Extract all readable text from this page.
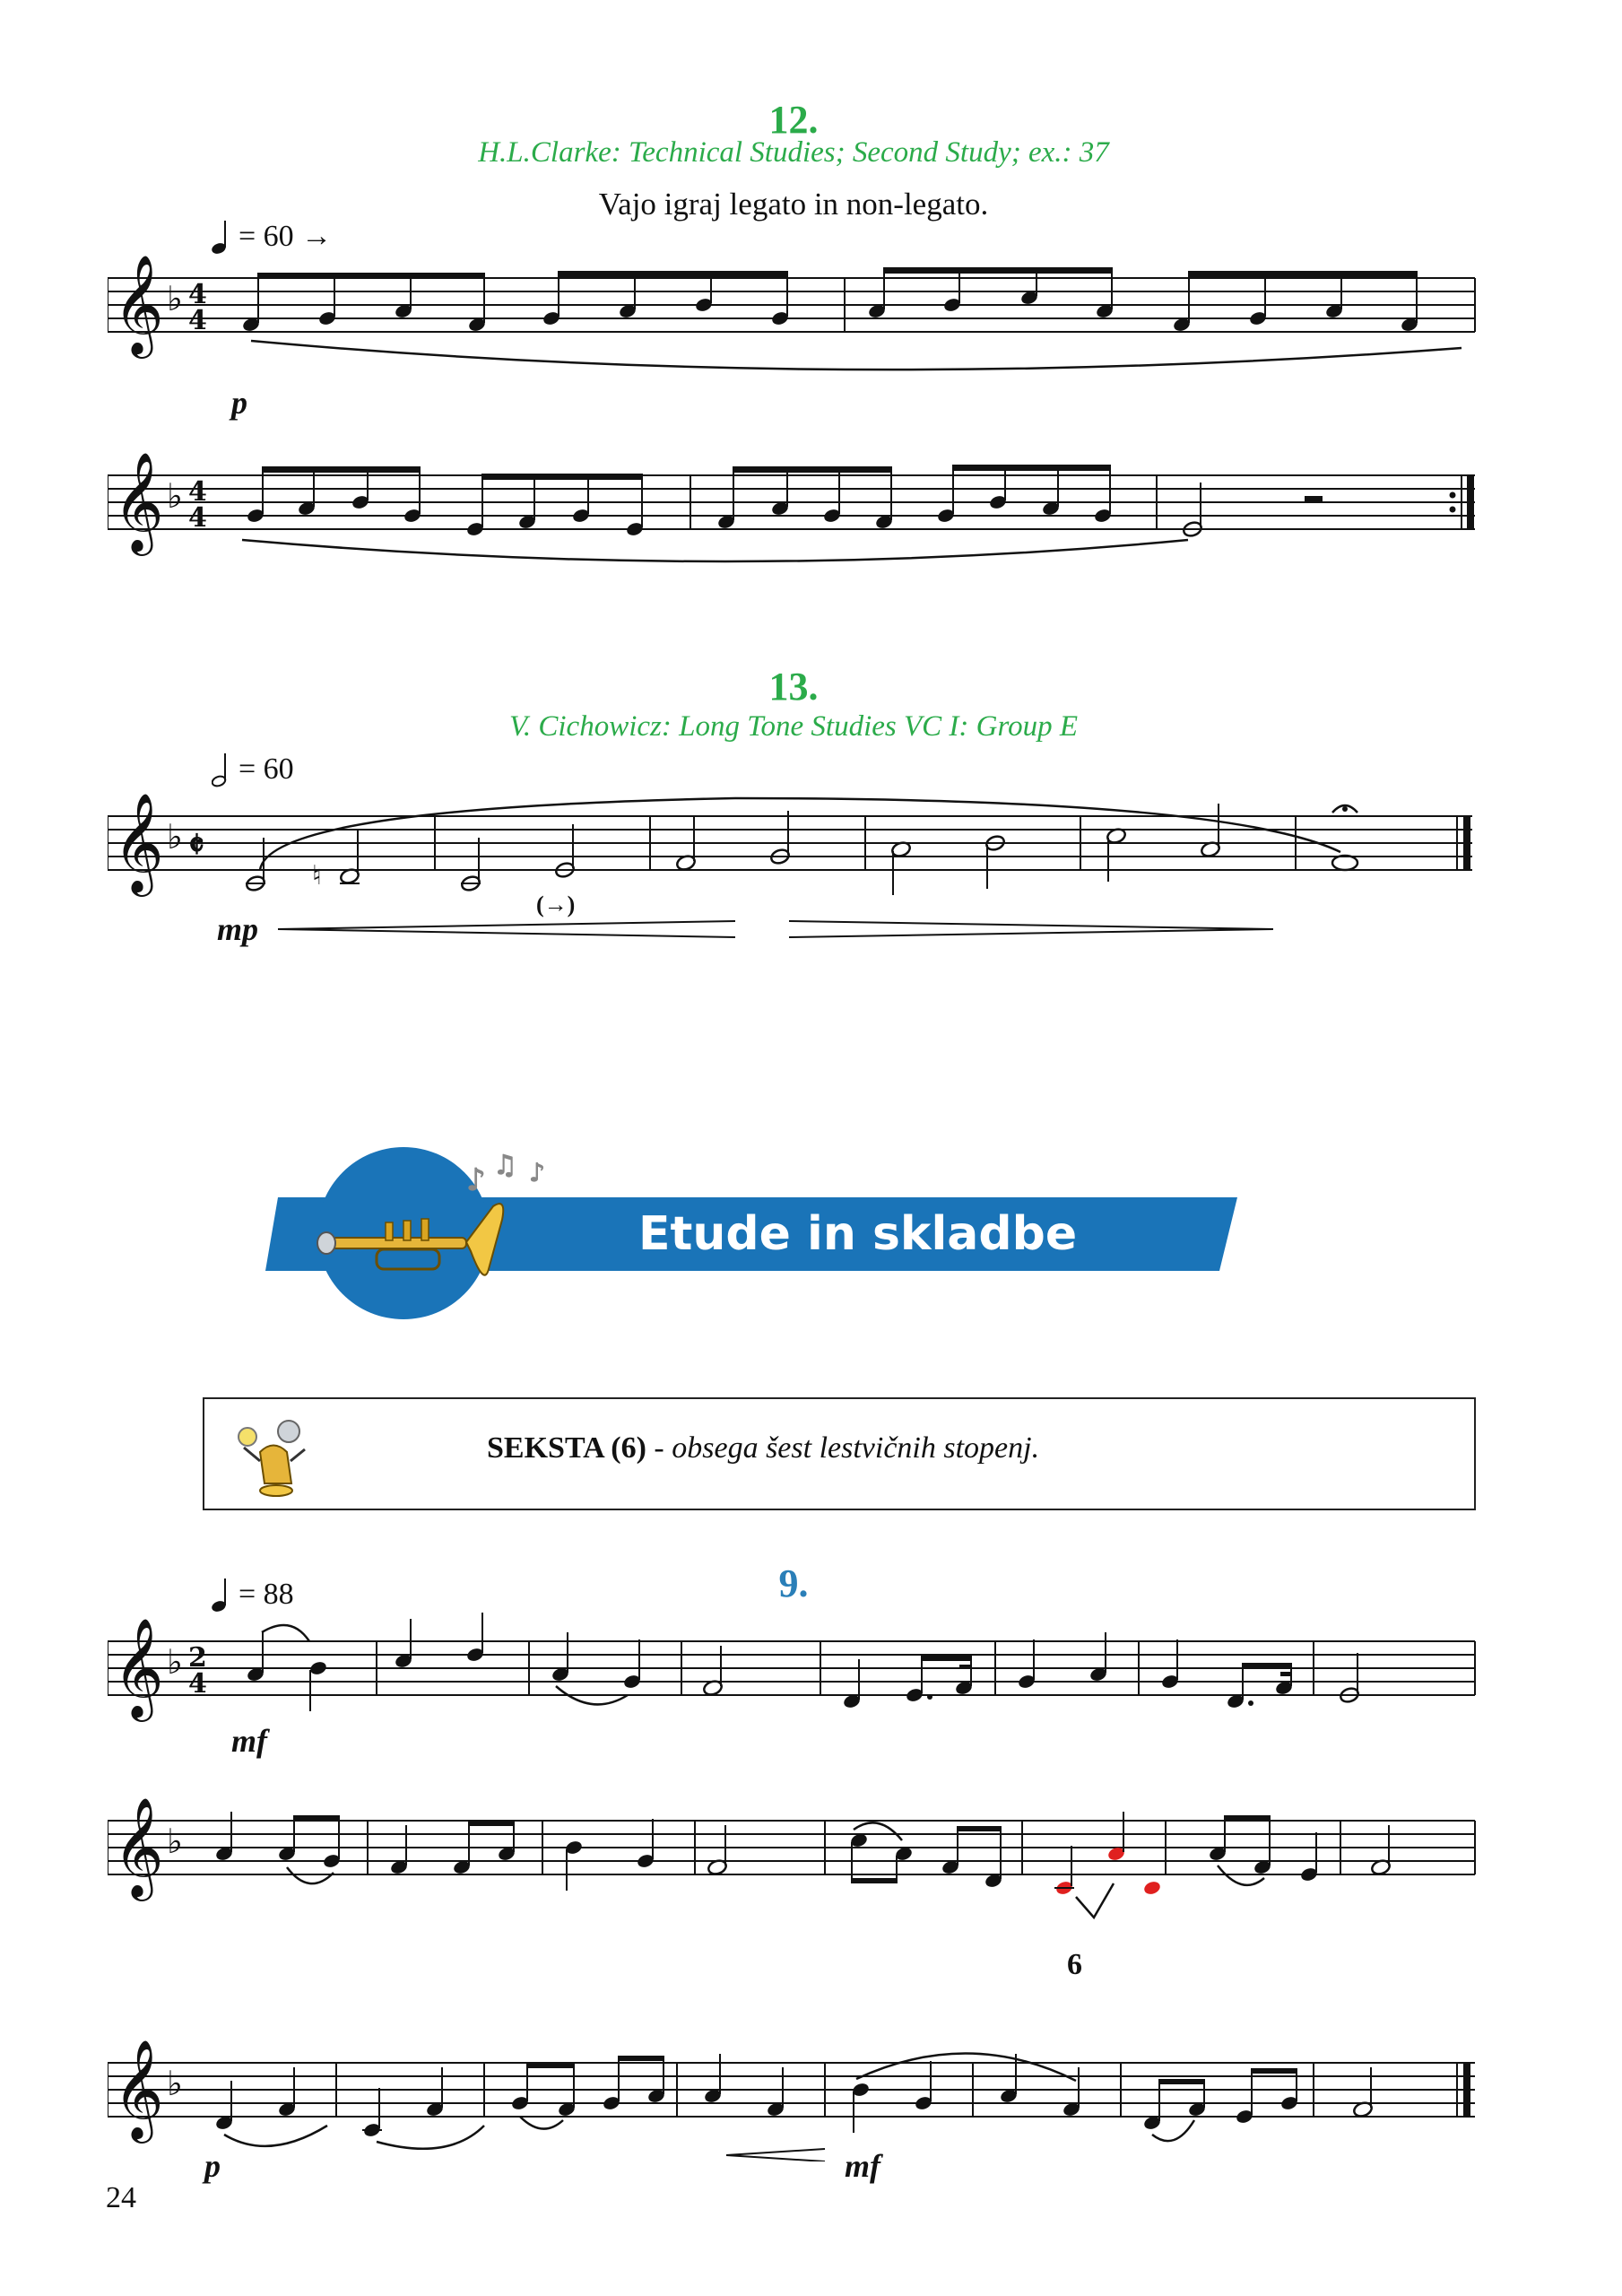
12.
H.L.Clarke: Technical Studies; Second Study; ex.: 37
Vajo igraj legato in non-legato.
= 60 →
𝄞 ♭ 4
4
p
𝄞 ♭ 4
4
13.
V. Cichowicz: Long Tone Studies VC I: Group E
= 60
𝄞 ♭ 𝄵
♮
mp
(→)
♪ ♫ ♪
Etude in skladbe
SEKSTA (6) - obsega šest lestvičnih stopenj.
9.
= 88
𝄞 ♭ 2
4
mf
𝄞 ♭
6
𝄞 ♭
p	mf
24
